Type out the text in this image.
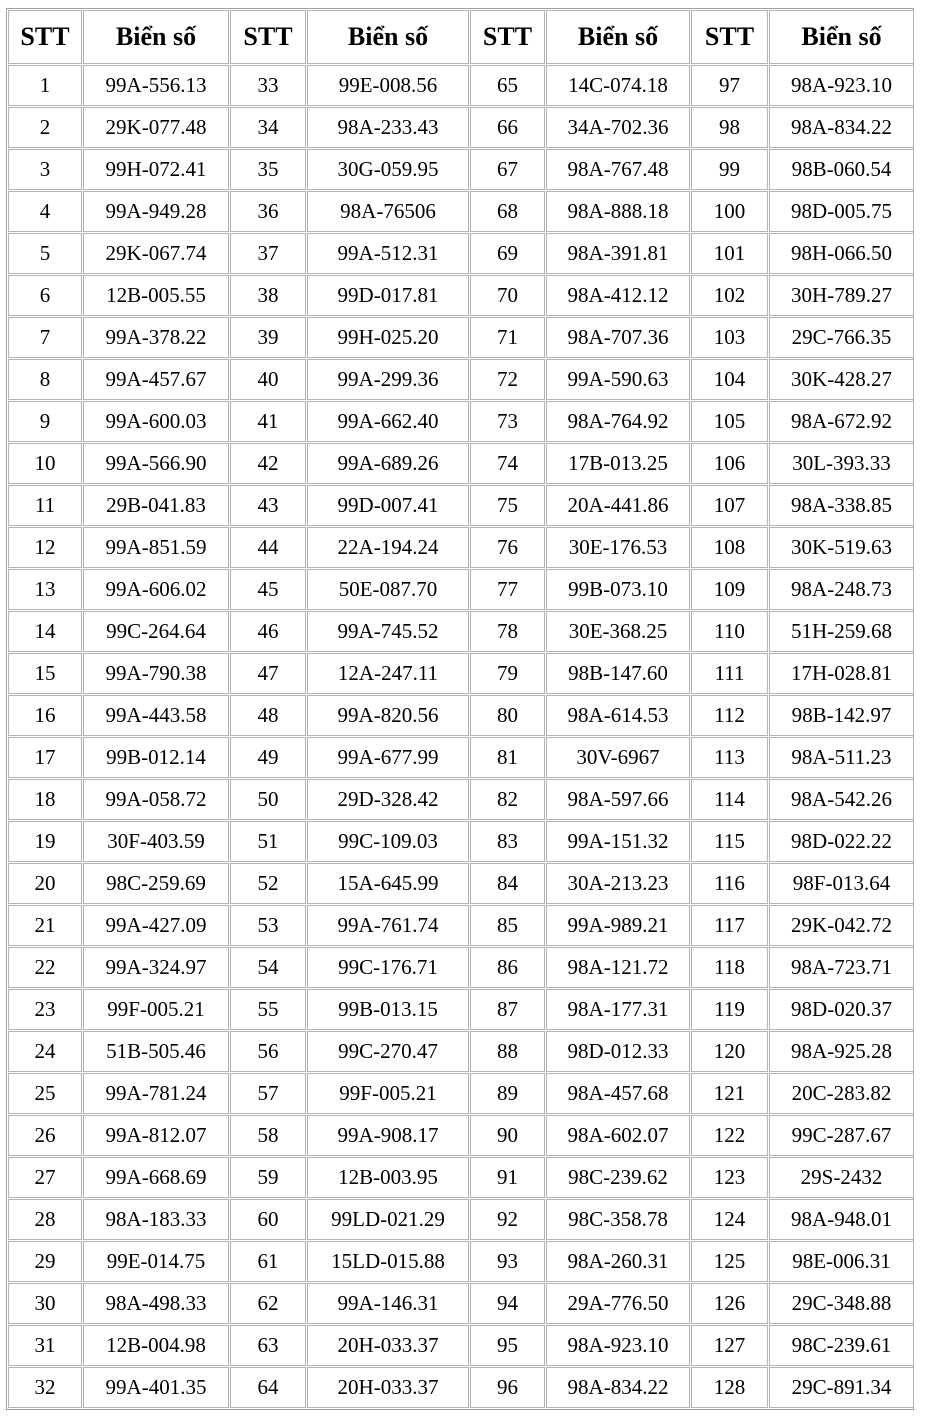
STT	Biển số	STT	Biển số	STT	Biển số	STT	Biển số
1	99A-556.13	33	99E-008.56	65	14C-074.18	97	98A-923.10
2	29K-077.48	34	98A-233.43	66	34A-702.36	98	98A-834.22
3	99H-072.41	35	30G-059.95	67	98A-767.48	99	98B-060.54
4	99A-949.28	36	98A-76506	68	98A-888.18	100	98D-005.75
5	29K-067.74	37	99A-512.31	69	98A-391.81	101	98H-066.50
6	12B-005.55	38	99D-017.81	70	98A-412.12	102	30H-789.27
7	99A-378.22	39	99H-025.20	71	98A-707.36	103	29C-766.35
8	99A-457.67	40	99A-299.36	72	99A-590.63	104	30K-428.27
9	99A-600.03	41	99A-662.40	73	98A-764.92	105	98A-672.92
10	99A-566.90	42	99A-689.26	74	17B-013.25	106	30L-393.33
11	29B-041.83	43	99D-007.41	75	20A-441.86	107	98A-338.85
12	99A-851.59	44	22A-194.24	76	30E-176.53	108	30K-519.63
13	99A-606.02	45	50E-087.70	77	99B-073.10	109	98A-248.73
14	99C-264.64	46	99A-745.52	78	30E-368.25	110	51H-259.68
15	99A-790.38	47	12A-247.11	79	98B-147.60	111	17H-028.81
16	99A-443.58	48	99A-820.56	80	98A-614.53	112	98B-142.97
17	99B-012.14	49	99A-677.99	81	30V-6967	113	98A-511.23
18	99A-058.72	50	29D-328.42	82	98A-597.66	114	98A-542.26
19	30F-403.59	51	99C-109.03	83	99A-151.32	115	98D-022.22
20	98C-259.69	52	15A-645.99	84	30A-213.23	116	98F-013.64
21	99A-427.09	53	99A-761.74	85	99A-989.21	117	29K-042.72
22	99A-324.97	54	99C-176.71	86	98A-121.72	118	98A-723.71
23	99F-005.21	55	99B-013.15	87	98A-177.31	119	98D-020.37
24	51B-505.46	56	99C-270.47	88	98D-012.33	120	98A-925.28
25	99A-781.24	57	99F-005.21	89	98A-457.68	121	20C-283.82
26	99A-812.07	58	99A-908.17	90	98A-602.07	122	99C-287.67
27	99A-668.69	59	12B-003.95	91	98C-239.62	123	29S-2432
28	98A-183.33	60	99LD-021.29	92	98C-358.78	124	98A-948.01
29	99E-014.75	61	15LD-015.88	93	98A-260.31	125	98E-006.31
30	98A-498.33	62	99A-146.31	94	29A-776.50	126	29C-348.88
31	12B-004.98	63	20H-033.37	95	98A-923.10	127	98C-239.61
32	99A-401.35	64	20H-033.37	96	98A-834.22	128	29C-891.34
